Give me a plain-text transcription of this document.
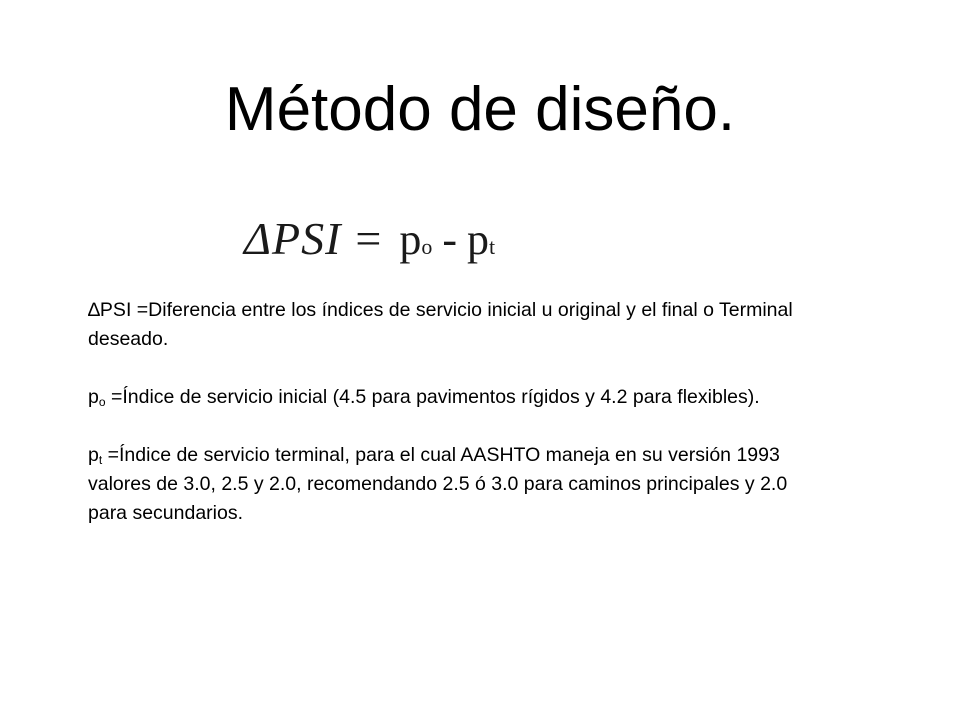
Método de diseño.
ΔPSI = po - pt

∆PSI =Diferencia entre los índices de servicio inicial u original y el final o Terminal deseado.

$p_o$ =Índice de servicio inicial (4.5 para pavimentos rígidos y 4.2 para flexibles).

$p_t$ =Índice de servicio terminal, para el cual AASHTO maneja en su versión 1993 valores de 3.0, 2.5 y 2.0, recomendando 2.5 ó 3.0 para caminos principales y 2.0 para secundarios.
